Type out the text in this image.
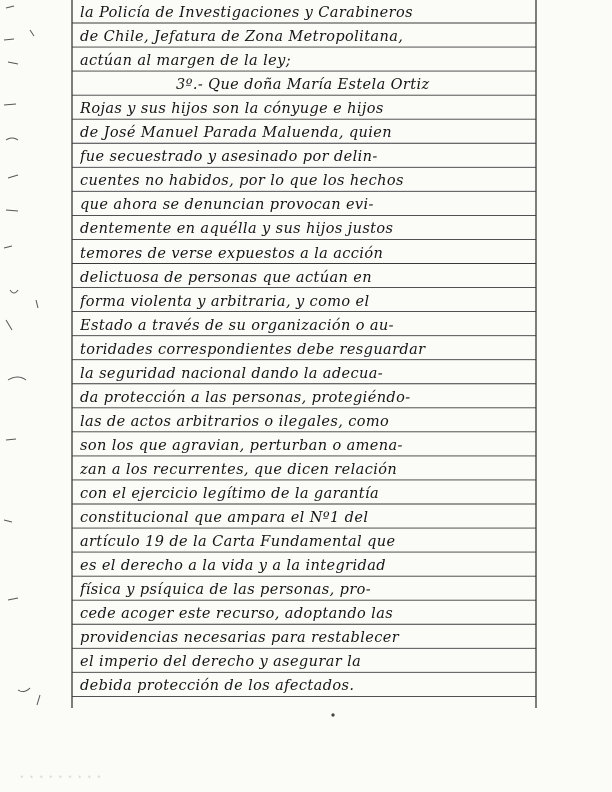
la Policía de Investigaciones y Carabineros
de Chile, Jefatura de Zona Metropolitana,
actúan al margen de la ley;
3º.- Que doña María Estela Ortiz
Rojas y sus hijos son la cónyuge e hijos
de José Manuel Parada Maluenda, quien
fue secuestrado y asesinado por delin-
cuentes no habidos, por lo que los hechos
que ahora se denuncian provocan evi-
dentemente en aquélla y sus hijos justos
temores de verse expuestos a la acción
delictuosa de personas que actúan en
forma violenta y arbitraria, y como el
Estado a través de su organización o au-
toridades correspondientes debe resguardar
la seguridad nacional dando la adecua-
da protección a las personas, protegiéndo-
las de actos arbitrarios o ilegales, como
son los que agravian, perturban o amena-
zan a los recurrentes, que dicen relación
con el ejercicio legítimo de la garantía
constitucional que ampara el Nº1 del
artículo 19 de la Carta Fundamental que
es el derecho a la vida y a la integridad
física y psíquica de las personas, pro-
cede acoger este recurso, adoptando las
providencias necesarias para restablecer
el imperio del derecho y asegurar la
debida protección de los afectados.
· · · · · · · · ·
